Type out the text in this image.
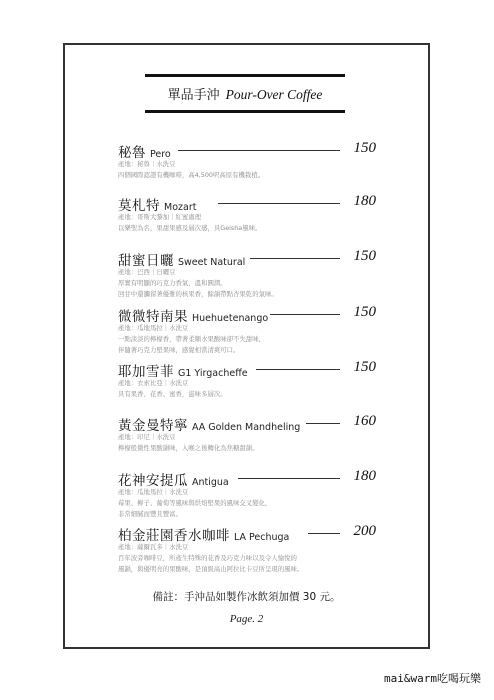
單品手沖 Pour-Over Coffee
秘魯 Pero	150
產地：秘魯｜水洗豆
四個國際認證有機咖啡，高4,500呎高原有機栽植。
莫札特 Mozart	180
產地：哥斯大黎加｜紅蜜處理
以樂聖為名，果甜果感及層次感，具Geisha風味。
甜蜜日曬 Sweet Natural	150
產地：巴西｜日曬豆
厚實有明顯的巧克力香氣，溫和圓潤。
回甘中還瀰留著優雅的核果香，餘韻帶點杏果乾的氣味。
微微特南果 Huehuetenango	150
產地：瓜地馬拉｜水洗豆
一點淡淡的檸檬香，帶著柔順水果酸味卻不失甜味，
伴隨著巧克力堅果味，感覺相當清爽可口。
耶加雪菲 G1 Yirgacheffe	150
產地：衣索比亞｜水洗豆
具有果香、花香、蜜香，滋味多層次。
黃金曼特寧 AA Golden Mandheling	160
產地：印尼｜水洗豆
檸檬般微性果酸韻味，入喉之後轉化為焦糖甜韻。
花神安提瓜 Antigua	180
產地：瓜地馬拉｜水洗豆
莓果、柳子、葡萄等風味與烘焙堅果的風味交叉變化，
非常細膩而豐且豐富。
柏金莊園香水咖啡 LA Pechuga	200
產地：薩爾瓦多｜水洗豆
百年波旁咖啡豆，所產生特殊的花香及巧克力味以及令人愉悅的
風韻，與優明亮的果酸味，是頂級高山阿拉比卡豆所呈現的風味。
備註：手沖品如製作冰飲須加價 30 元。
Page. 2
mai&warm吃喝玩樂
